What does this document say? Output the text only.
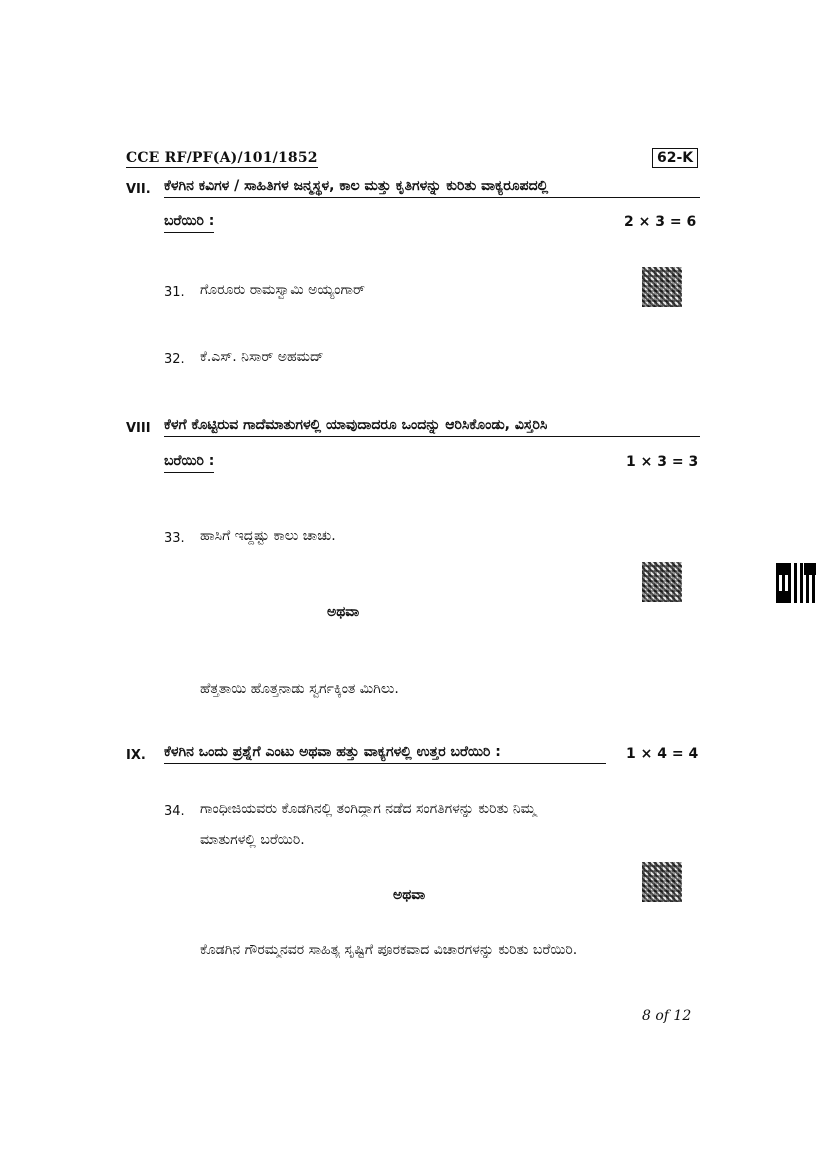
CCE RF/PF(A)/101/1852	62-K
VII. ಕೆಳಗಿನ ಕವಿಗಳ / ಸಾಹಿತಿಗಳ ಜನ್ಮಸ್ಥಳ, ಕಾಲ ಮತ್ತು ಕೃತಿಗಳನ್ನು ಕುರಿತು ವಾಕ್ಯರೂಪದಲ್ಲಿ
ಬರೆಯಿರಿ :	2 × 3 = 6
31. ಗೊರೂರು ರಾಮಸ್ವಾಮಿ ಅಯ್ಯಂಗಾರ್
32. ಕೆ.ಎಸ್. ನಿಸಾರ್ ಅಹಮದ್
VIII ಕೆಳಗೆ ಕೊಟ್ಟಿರುವ ಗಾದೆಮಾತುಗಳಲ್ಲಿ ಯಾವುದಾದರೂ ಒಂದನ್ನು ಆರಿಸಿಕೊಂಡು, ವಿಸ್ತರಿಸಿ
ಬರೆಯಿರಿ :	1 × 3 = 3
33. ಹಾಸಿಗೆ ಇದ್ದಷ್ಟು ಕಾಲು ಚಾಚು.
ಅಥವಾ
ಹೆತ್ತತಾಯಿ ಹೊತ್ತನಾಡು ಸ್ವರ್ಗಕ್ಕಿಂತ ಮಿಗಿಲು.
IX. ಕೆಳಗಿನ ಒಂದು ಪ್ರಶ್ನೆಗೆ ಎಂಟು ಅಥವಾ ಹತ್ತು ವಾಕ್ಯಗಳಲ್ಲಿ ಉತ್ತರ ಬರೆಯಿರಿ :	1 × 4 = 4
34. ಗಾಂಧೀಜಿಯವರು ಕೊಡಗಿನಲ್ಲಿ ತಂಗಿದ್ದಾಗ ನಡೆದ ಸಂಗತಿಗಳನ್ನು ಕುರಿತು ನಿಮ್ಮ
ಮಾತುಗಳಲ್ಲಿ ಬರೆಯಿರಿ.
ಅಥವಾ
ಕೊಡಗಿನ ಗೌರಮ್ಮನವರ ಸಾಹಿತ್ಯ ಸೃಷ್ಟಿಗೆ ಪೂರಕವಾದ ವಿಚಾರಗಳನ್ನು ಕುರಿತು ಬರೆಯಿರಿ.
8 of 12
